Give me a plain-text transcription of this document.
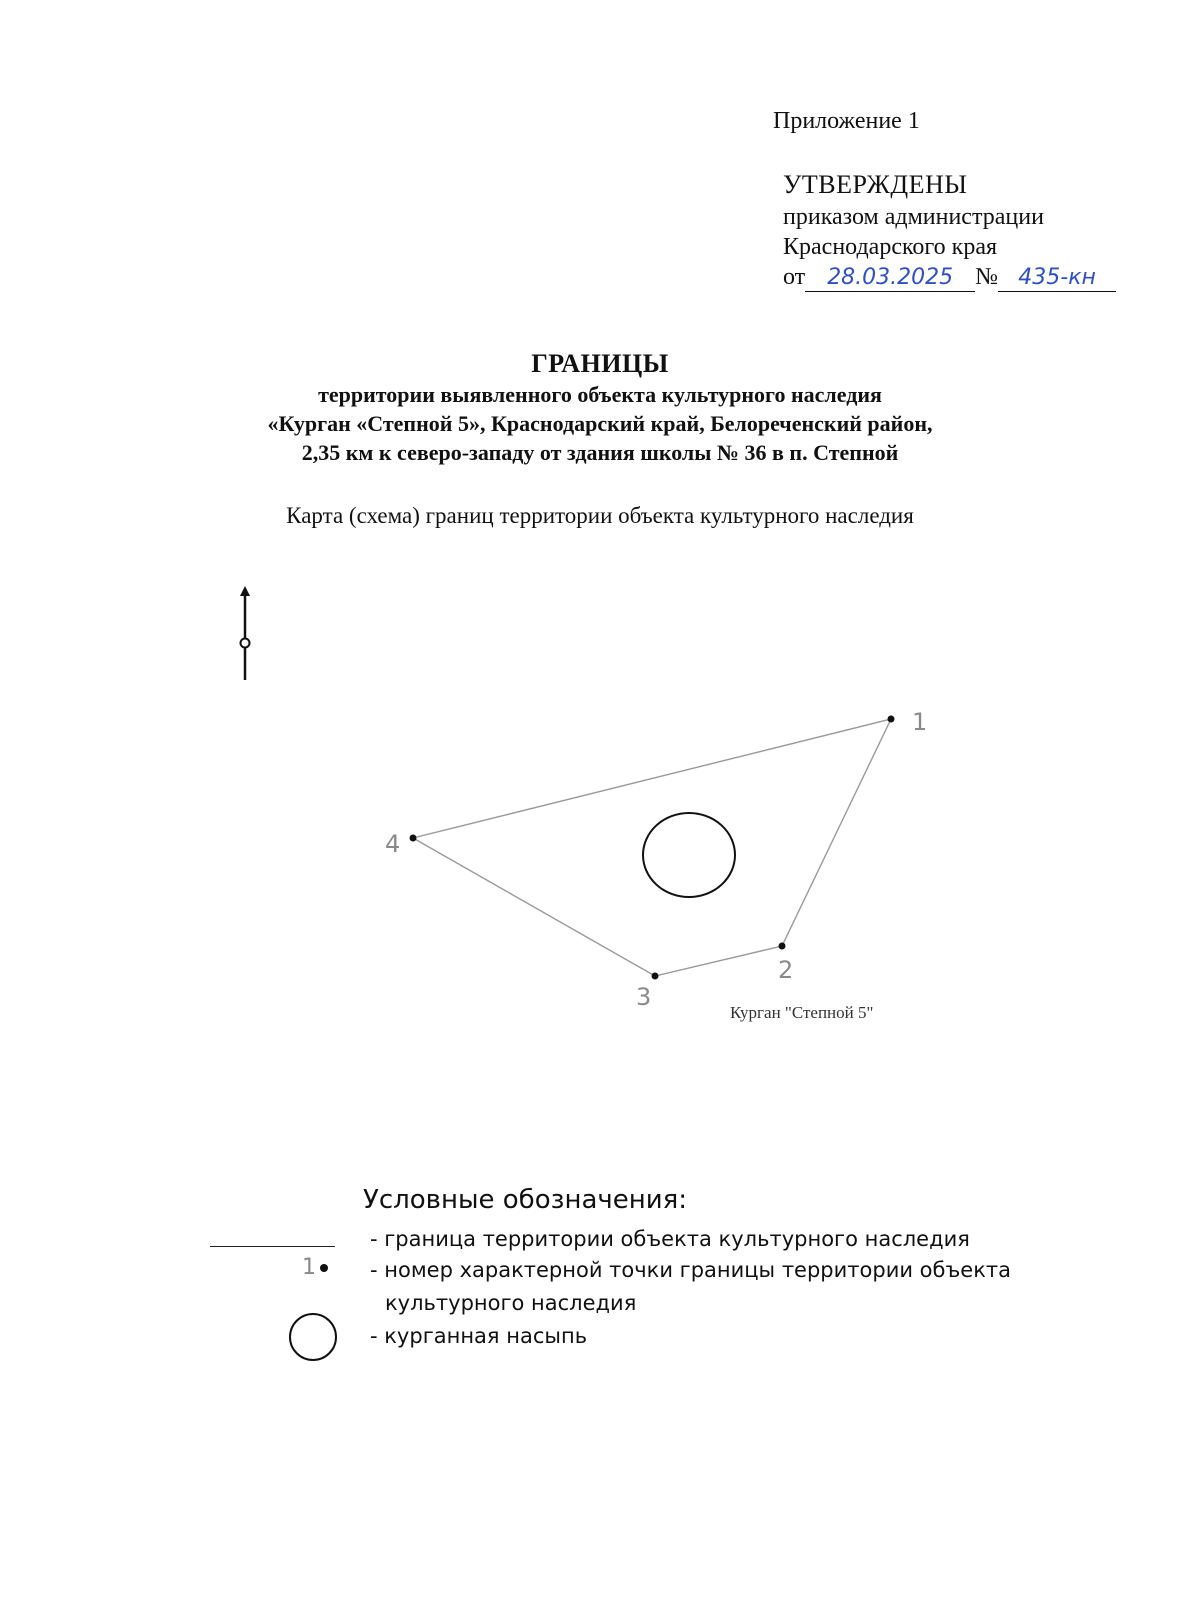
Приложение 1
УТВЕРЖДЕНЫ
приказом администрации
Краснодарского края
от	28.03.2025 № 435-кн
ГРАНИЦЫ
территории выявленного объекта культурного наследия
«Курган «Степной 5», Краснодарский край, Белореченский район,
2,35 км к северо-западу от здания школы № 36 в п. Степной
Карта (схема) границ территории объекта культурного наследия
1
2
3
4
Курган "Степной 5"
Условные обозначения:
- граница территории объекта культурного наследия
1	- номер характерной точки границы территории объекта
культурного наследия
- курганная насыпь
